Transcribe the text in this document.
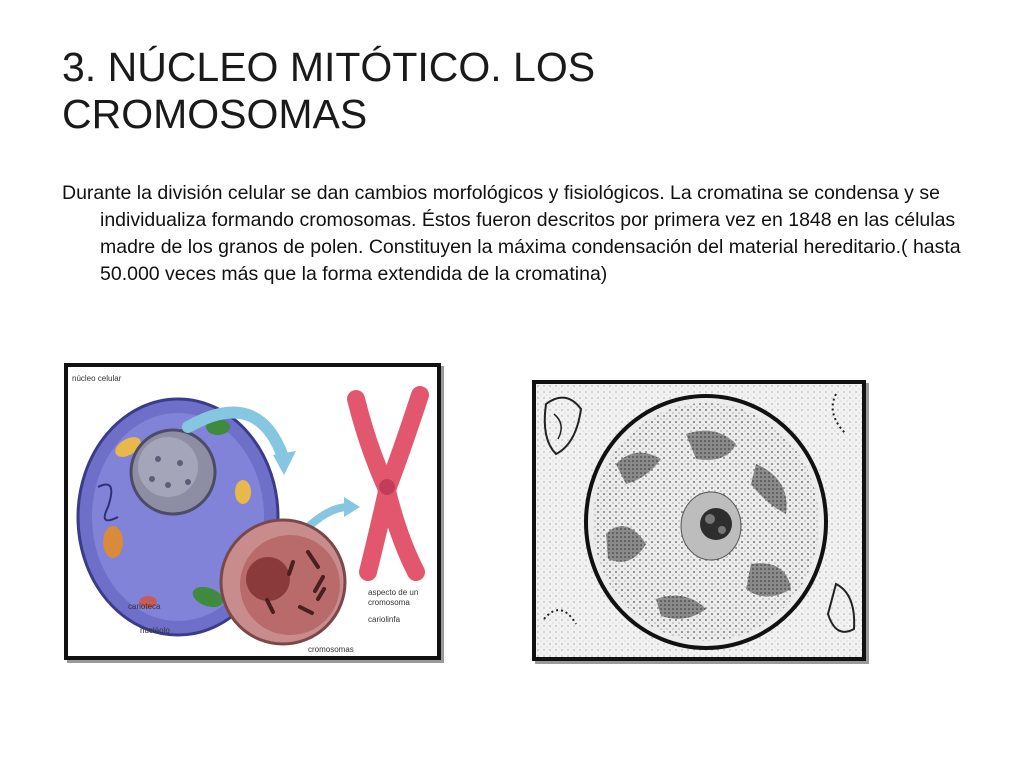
3. NÚCLEO MITÓTICO. LOS
CROMOSOMAS

Durante la división celular se dan cambios morfológicos y fisiológicos. La cromatina se condensa y se individualiza formando cromosomas. Éstos fueron descritos por primera vez en 1848 en las células madre de los granos de polen. Constituyen la máxima condensación del material hereditario.( hasta 50.000 veces más que la forma extendida de la cromatina)

núcleo celular
aspecto de un
cromosoma
cariolinfa
carioteca
nucléolo
cromosomas
